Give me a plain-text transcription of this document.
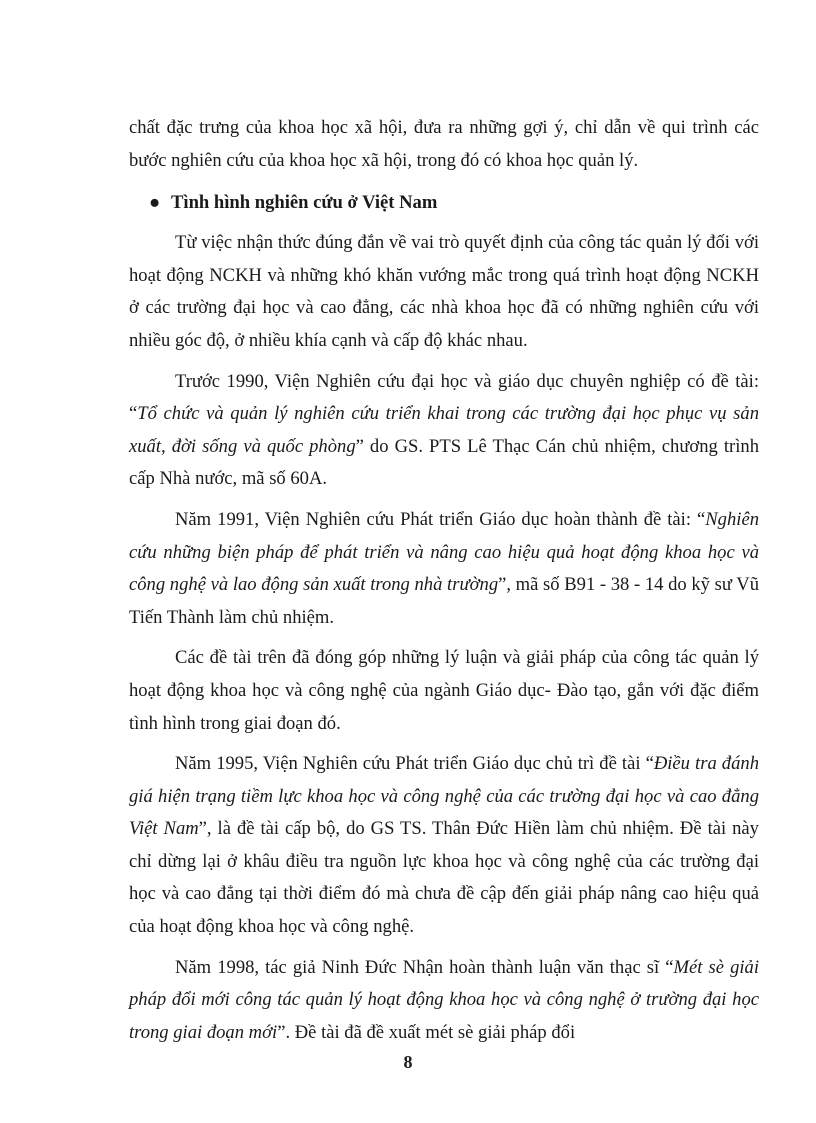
chất đặc trưng của khoa học xã hội, đưa ra những gợi ý, chỉ dẫn về qui trình các bước nghiên cứu của khoa học xã hội, trong đó có khoa học quản lý.

● Tình hình nghiên cứu ở Việt Nam

Từ việc nhận thức đúng đắn về vai trò quyết định của công tác quản lý đối với hoạt động NCKH và những khó khăn vướng mắc trong quá trình hoạt động NCKH ở các trường đại học và cao đẳng, các nhà khoa học đã có những nghiên cứu với nhiều góc độ, ở nhiều khía cạnh và cấp độ khác nhau.

Trước 1990, Viện Nghiên cứu đại học và giáo dục chuyên nghiệp có đề tài: “Tổ chức và quản lý nghiên cứu triển khai trong các trường đại học phục vụ sản xuất, đời sống và quốc phòng” do GS. PTS Lê Thạc Cán chủ nhiệm, chương trình cấp Nhà nước, mã số 60A.

Năm 1991, Viện Nghiên cứu Phát triển Giáo dục hoàn thành đề tài: “Nghiên cứu những biện pháp để phát triển và nâng cao hiệu quả hoạt động khoa học và công nghệ và lao động sản xuất trong nhà trường”, mã số B91 - 38 - 14 do kỹ sư Vũ Tiến Thành làm chủ nhiệm.

Các đề tài trên đã đóng góp những lý luận và giải pháp của công tác quản lý hoạt động khoa học và công nghệ của ngành Giáo dục- Đào tạo, gắn với đặc điểm tình hình trong giai đoạn đó.

Năm 1995, Viện Nghiên cứu Phát triển Giáo dục chủ trì đề tài “Điều tra đánh giá hiện trạng tiềm lực khoa học và công nghệ của các trường đại học và cao đẳng Việt Nam”, là đề tài cấp bộ, do GS TS. Thân Đức Hiền làm chủ nhiệm. Đề tài này chỉ dừng lại ở khâu điều tra nguồn lực khoa học và công nghệ của các trường đại học và cao đẳng tại thời điểm đó mà chưa đề cập đến giải pháp nâng cao hiệu quả của hoạt động khoa học và công nghệ.

Năm 1998, tác giả Ninh Đức Nhận hoàn thành luận văn thạc sĩ “Mét sè giải pháp đổi mới công tác quản lý hoạt động khoa học và công nghệ ở trường đại học trong giai đoạn mới”. Đề tài đã đề xuất mét sè giải pháp đổi

8
